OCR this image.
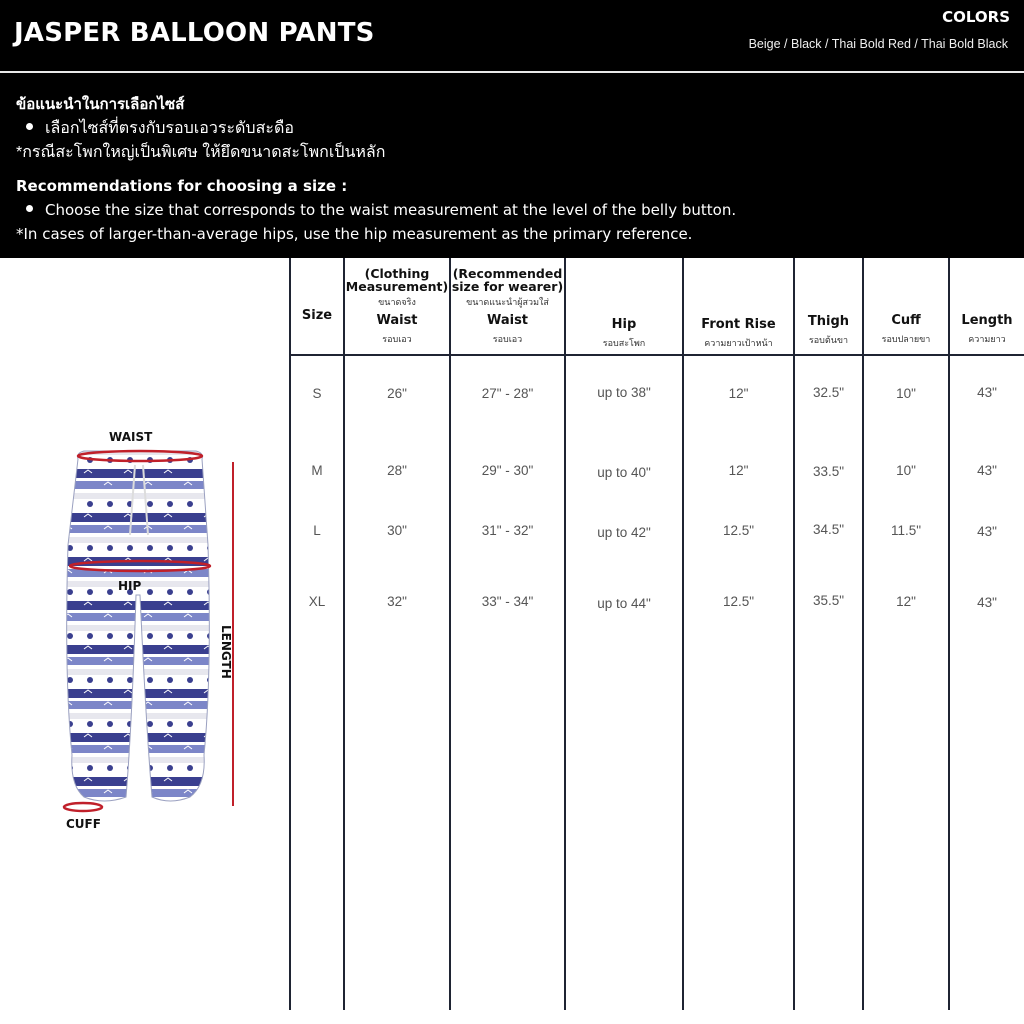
JASPER BALLOON PANTS
COLORS
Beige / Black / Thai Bold Red / Thai Bold Black
ข้อแนะนำในการเลือกไซส์
เลือกไซส์ที่ตรงกับรอบเอวระดับสะดือ
*กรณีสะโพกใหญ่เป็นพิเศษ ให้ยึดขนาดสะโพกเป็นหลัก
Recommendations for choosing a size :
Choose the size that corresponds to the waist measurement at the level of the belly button.
*In cases of larger-than-average hips, use the hip measurement as the primary reference.
WAIST
HIP
CUFF
LENGTH
Size
(Clothing Measurement)
ขนาดจริง
Waist
รอบเอว
(Recommended size for wearer)
ขนาดแนะนำผู้สวมใส่
Waist
รอบเอว
Hip
รอบสะโพก
Front Rise
ความยาวเป้าหน้า
Thigh
รอบต้นขา
Cuff
รอบปลายขา
Length
ความยาว
S	26"	27" - 28"	up to 38"	12"	32.5"	10"	43"
M	28"	29" - 30"	up to 40"	12"	33.5"	10"	43"
L	30"	31" - 32"	up to 42"	12.5"	34.5"	11.5"	43"
XL	32"	33" - 34"	up to 44"	12.5"	35.5"	12"	43"
